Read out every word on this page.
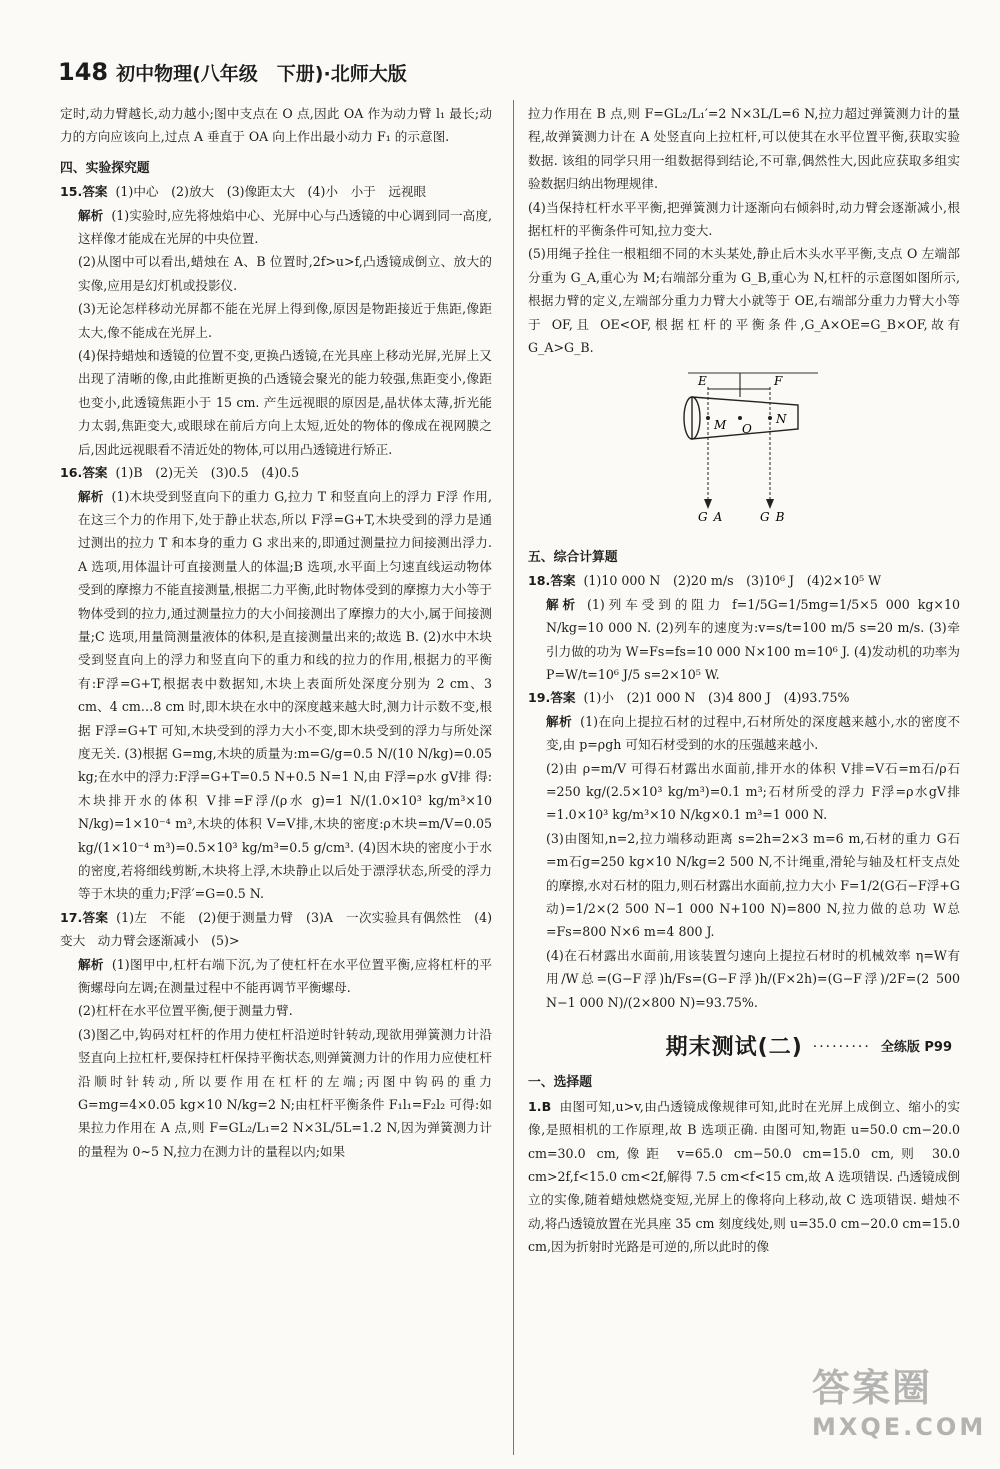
148 初中物理(八年级　下册)·北师大版

定时,动力臂越长,动力越小;图中支点在 O 点,因此 OA 作为动力臂 l₁ 最长;动力的方向应该向上,过点 A 垂直于 OA 向上作出最小动力 F₁ 的示意图.

四、实验探究题

15.答案 (1)中心　(2)放大　(3)像距太大　(4)小　小于　远视眼

解析 (1)实验时,应先将烛焰中心、光屏中心与凸透镜的中心调到同一高度,这样像才能成在光屏的中央位置.

(2)从图中可以看出,蜡烛在 A、B 位置时,2f>u>f,凸透镜成倒立、放大的实像,应用是幻灯机或投影仪.

(3)无论怎样移动光屏都不能在光屏上得到像,原因是物距接近于焦距,像距太大,像不能成在光屏上.

(4)保持蜡烛和透镜的位置不变,更换凸透镜,在光具座上移动光屏,光屏上又出现了清晰的像,由此推断更换的凸透镜会聚光的能力较强,焦距变小,像距也变小,此透镜焦距小于 15 cm. 产生远视眼的原因是,晶状体太薄,折光能力太弱,焦距变大,或眼球在前后方向上太短,近处的物体的像成在视网膜之后,因此远视眼看不清近处的物体,可以用凸透镜进行矫正.

16.答案 (1)B　(2)无关　(3)0.5　(4)0.5

解析 (1)木块受到竖直向下的重力 G,拉力 T 和竖直向上的浮力 F浮 作用,在这三个力的作用下,处于静止状态,所以 F浮=G+T,木块受到的浮力是通过测出的拉力 T 和本身的重力 G 求出来的,即通过测量拉力间接测出浮力. A 选项,用体温计可直接测量人的体温;B 选项,水平面上匀速直线运动物体受到的摩擦力不能直接测量,根据二力平衡,此时物体受到的摩擦力大小等于物体受到的拉力,通过测量拉力的大小间接测出了摩擦力的大小,属于间接测量;C 选项,用量筒测量液体的体积,是直接测量出来的;故选 B. (2)水中木块受到竖直向上的浮力和竖直向下的重力和线的拉力的作用,根据力的平衡有:F浮=G+T,根据表中数据知,木块上表面所处深度分别为 2 cm、3 cm、4 cm…8 cm 时,即木块在水中的深度越来越大时,测力计示数不变,根据 F浮=G+T 可知,木块受到的浮力大小不变,即木块受到的浮力与所处深度无关. (3)根据 G=mg,木块的质量为:m=G/g=0.5 N/(10 N/kg)=0.05 kg;在水中的浮力:F浮=G+T=0.5 N+0.5 N=1 N,由 F浮=ρ水 gV排 得:木块排开水的体积 V排=F浮/(ρ水 g)=1 N/(1.0×10³ kg/m³×10 N/kg)=1×10⁻⁴ m³,木块的体积 V=V排,木块的密度:ρ木块=m/V=0.05 kg/(1×10⁻⁴ m³)=0.5×10³ kg/m³=0.5 g/cm³. (4)因木块的密度小于水的密度,若将细线剪断,木块将上浮,木块静止以后处于漂浮状态,所受的浮力等于木块的重力;F浮′=G=0.5 N.

17.答案 (1)左　不能　(2)便于测量力臂　(3)A　一次实验具有偶然性　(4)变大　动力臂会逐渐减小　(5)>

解析 (1)图甲中,杠杆右端下沉,为了使杠杆在水平位置平衡,应将杠杆的平衡螺母向左调;在测量过程中不能再调节平衡螺母.

(2)杠杆在水平位置平衡,便于测量力臂.

(3)图乙中,钩码对杠杆的作用力使杠杆沿逆时针转动,现欲用弹簧测力计沿竖直向上拉杠杆,要保持杠杆保持平衡状态,则弹簧测力计的作用力应使杠杆沿顺时针转动,所以要作用在杠杆的左端;丙图中钩码的重力 G=mg=4×0.05 kg×10 N/kg=2 N;由杠杆平衡条件 F₁l₁=F₂l₂ 可得:如果拉力作用在 A 点,则 F=GL₂/L₁=2 N×3L/5L=1.2 N,因为弹簧测力计的量程为 0~5 N,拉力在测力计的量程以内;如果

拉力作用在 B 点,则 F=GL₂/L₁′=2 N×3L/L=6 N,拉力超过弹簧测力计的量程,故弹簧测力计在 A 处竖直向上拉杠杆,可以使其在水平位置平衡,获取实验数据. 该组的同学只用一组数据得到结论,不可靠,偶然性大,因此应获取多组实验数据归纳出物理规律.

(4)当保持杠杆水平平衡,把弹簧测力计逐渐向右倾斜时,动力臂会逐渐减小,根据杠杆的平衡条件可知,拉力变大.

(5)用绳子拴住一根粗细不同的木头某处,静止后木头水平平衡,支点 O 左端部分重为 G_A,重心为 M;右端部分重为 G_B,重心为 N,杠杆的示意图如图所示,根据力臂的定义,左端部分重力力臂大小就等于 OE,右端部分重力力臂大小等于 OF,且 OE<OF,根据杠杆的平衡条件,G_A×OE=G_B×OF,故有 G_A>G_B.

E	F
O
M	N
G_A	G_B
五、综合计算题

18.答案 (1)10 000 N　(2)20 m/s　(3)10⁶ J　(4)2×10⁵ W

解析 (1)列车受到的阻力 f=1/5G=1/5mg=1/5×5 000 kg×10 N/kg=10 000 N. (2)列车的速度为:v=s/t=100 m/5 s=20 m/s. (3)牵引力做的功为 W=Fs=fs=10 000 N×100 m=10⁶ J. (4)发动机的功率为 P=W/t=10⁶ J/5 s=2×10⁵ W.

19.答案 (1)小　(2)1 000 N　(3)4 800 J　(4)93.75%

解析 (1)在向上提拉石材的过程中,石材所处的深度越来越小,水的密度不变,由 p=ρgh 可知石材受到的水的压强越来越小.

(2)由 ρ=m/V 可得石材露出水面前,排开水的体积 V排=V石=m石/ρ石=250 kg/(2.5×10³ kg/m³)=0.1 m³;石材所受的浮力 F浮=ρ水gV排=1.0×10³ kg/m³×10 N/kg×0.1 m³=1 000 N.

(3)由图知,n=2,拉力端移动距离 s=2h=2×3 m=6 m,石材的重力 G石=m石g=250 kg×10 N/kg=2 500 N,不计绳重,滑轮与轴及杠杆支点处的摩擦,水对石材的阻力,则石材露出水面前,拉力大小 F=1/2(G石−F浮+G动)=1/2×(2 500 N−1 000 N+100 N)=800 N,拉力做的总功 W总=Fs=800 N×6 m=4 800 J.

(4)在石材露出水面前,用该装置匀速向上提拉石材时的机械效率 η=W有用/W总=(G−F浮)h/Fs=(G−F浮)h/(F×2h)=(G−F浮)/2F=(2 500 N−1 000 N)/(2×800 N)=93.75%.

期末测试(二) ········· 全练版 P99
一、选择题

1.B 由图可知,u>v,由凸透镜成像规律可知,此时在光屏上成倒立、缩小的实像,是照相机的工作原理,故 B 选项正确. 由图可知,物距 u=50.0 cm−20.0 cm=30.0 cm,像距 v=65.0 cm−50.0 cm=15.0 cm,则 30.0 cm>2f,f<15.0 cm<2f,解得 7.5 cm<f<15 cm,故 A 选项错误. 凸透镜成倒立的实像,随着蜡烛燃烧变短,光屏上的像将向上移动,故 C 选项错误. 蜡烛不动,将凸透镜放置在光具座 35 cm 刻度线处,则 u=35.0 cm−20.0 cm=15.0 cm,因为折射时光路是可逆的,所以此时的像

答案圈
MXQE.COM
